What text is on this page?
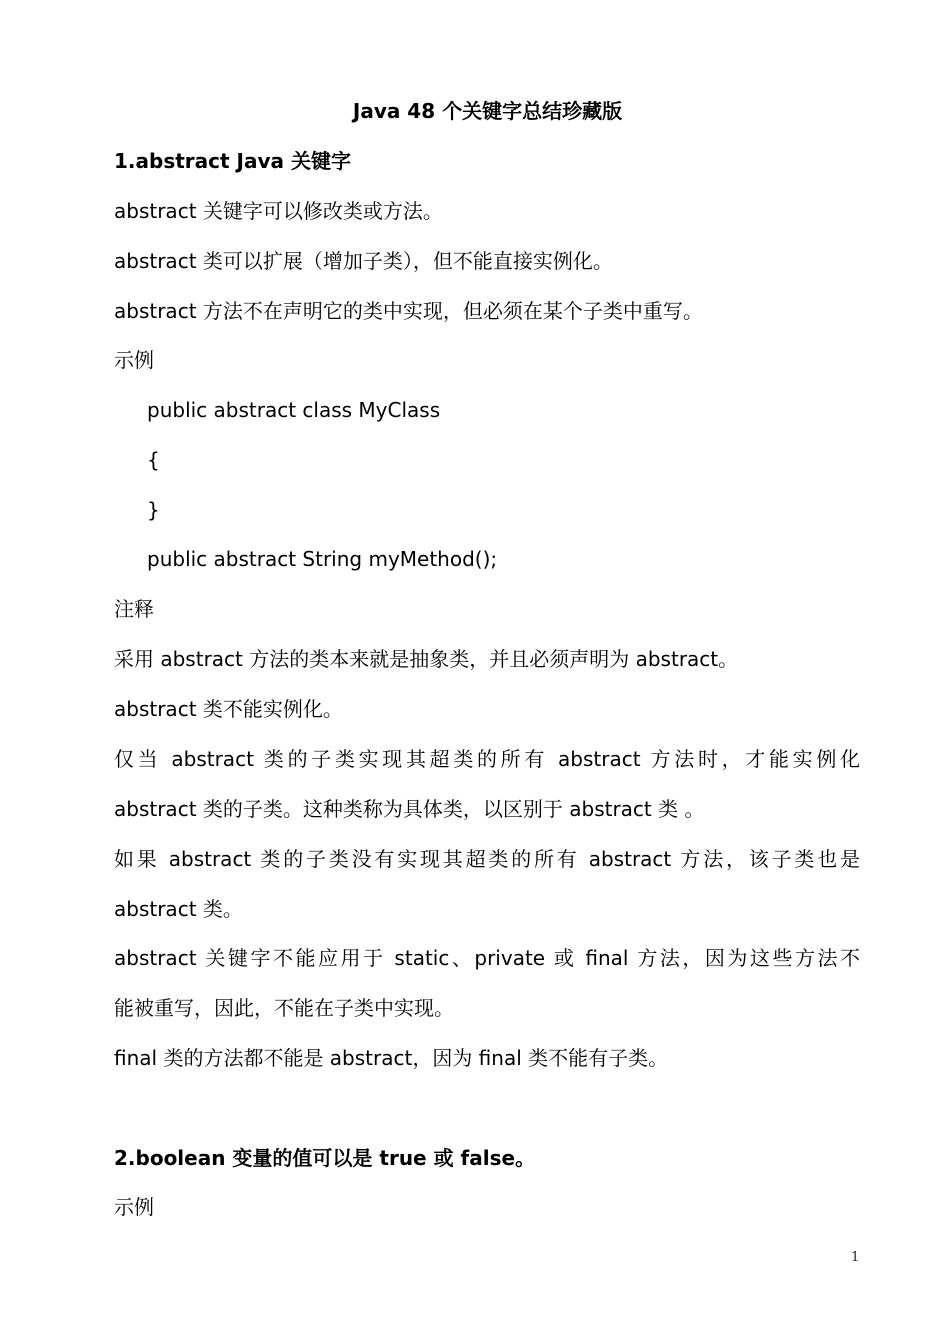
Java 48 个关键字总结珍藏版
1.abstract Java 关键字
abstract 关键字可以修改类或方法。
abstract 类可以扩展（增加子类），但不能直接实例化。
abstract 方法不在声明它的类中实现，但必须在某个子类中重写。
示例
public abstract class MyClass
{
}
public abstract String myMethod();
注释
采用 abstract 方法的类本来就是抽象类，并且必须声明为 abstract。
abstract 类不能实例化。
仅当 abstract 类的子类实现其超类的所有 abstract 方法时，才能实例化
abstract 类的子类。这种类称为具体类，以区别于 abstract 类 。
如果 abstract 类的子类没有实现其超类的所有 abstract 方法，该子类也是
abstract 类。
abstract 关键字不能应用于 static、private 或 final 方法，因为这些方法不
能被重写，因此，不能在子类中实现。
final 类的方法都不能是 abstract，因为 final 类不能有子类。
2.boolean 变量的值可以是 true 或 false。
示例
1
